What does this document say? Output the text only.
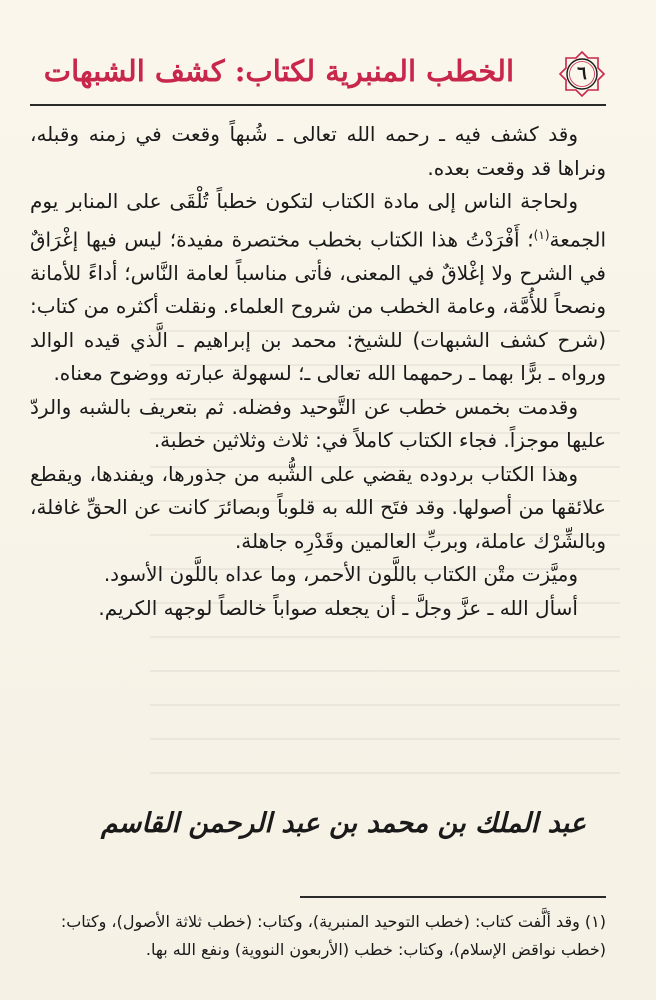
الخطب المنبرية لكتاب: كشف الشبهات	٦

وقد كشف فيه ـ رحمه الله تعالى ـ شُبهاً وقعت في زمنه وقبله، ونراها قد وقعت بعده.

ولحاجة الناس إلى مادة الكتاب لتكون خطباً تُلْقَى على المنابر يوم الجمعة$^{(١)}$؛ أَفْرَدْتُ هذا الكتاب بخطب مختصرة مفيدة؛ ليس فيها إغْرَاقٌ في الشرح ولا إغْلاقٌ في المعنى، فأتى مناسباً لعامة النَّاس؛ أداءً للأمانة ونصحاً للأُمَّة، وعامة الخطب من شروح العلماء. ونقلت أكثره من كتاب: (شرح كشف الشبهات) للشيخ: محمد بن إبراهيم ـ الَّذي قيده الوالد ورواه ـ برًّا بهما ـ رحمهما الله تعالى ـ؛ لسهولة عبارته ووضوح معناه.

وقدمت بخمس خطب عن التَّوحيد وفضله. ثم بتعريف بالشبه والردّ عليها موجزاً. فجاء الكتاب كاملاً في: ثلاث وثلاثين خطبة.

وهذا الكتاب بردوده يقضي على الشُّبه من جذورها، ويفندها، ويقطع علائقها من أصولها. وقد فتَح الله به قلوباً وبصائرَ كانت عن الحقِّ غافلة، وبالشِّرْك عاملة، وبربِّ العالمين وقَدْرِه جاهلة.

وميَّزت متْن الكتاب باللَّون الأحمر، وما عداه باللَّون الأسود.

أسأل الله ـ عزَّ وجلَّ ـ أن يجعله صواباً خالصاً لوجهه الكريم.

عبد الملك بن محمد بن عبد الرحمن القاسم

(١) وقد ألَّفت كتاب: (خطب التوحيد المنبرية)، وكتاب: (خطب ثلاثة الأصول)، وكتاب:

(خطب نواقض الإسلام)، وكتاب: خطب (الأربعون النووية) ونفع الله بها.
